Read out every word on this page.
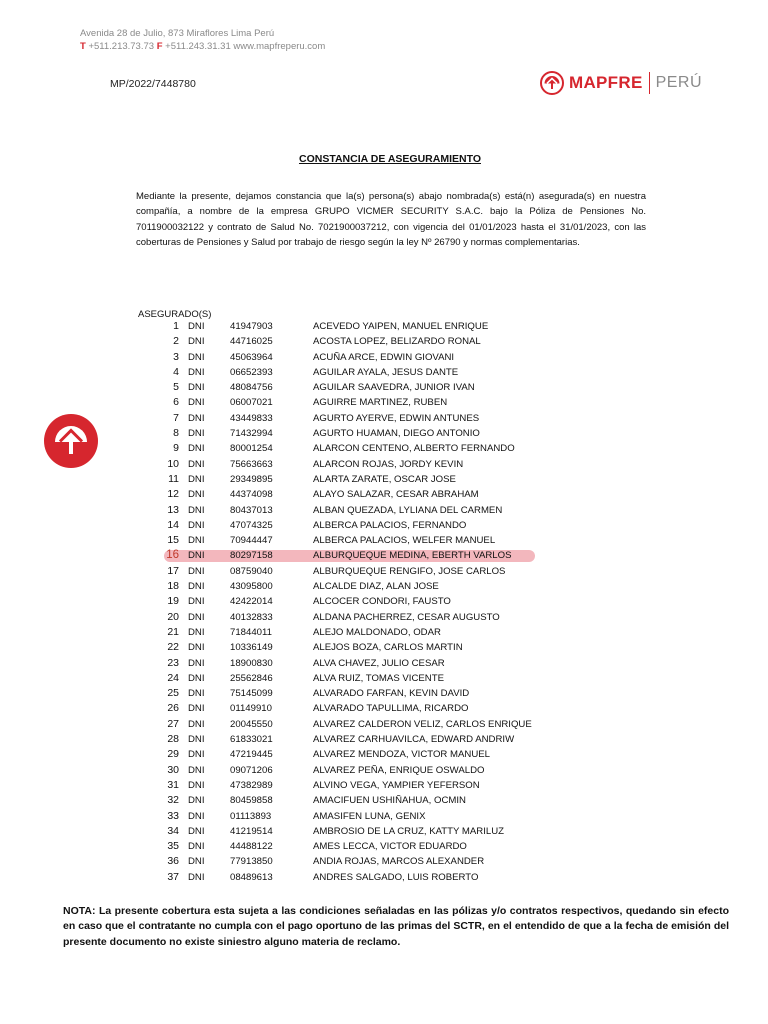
Avenida 28 de Julio, 873 Miraflores Lima Perú
T +511.213.73.73 F +511.243.31.31 www.mapfreperu.com
MP/2022/7448780	MAPFRE PERÚ
CONSTANCIA DE ASEGURAMIENTO
Mediante la presente, dejamos constancia que la(s) persona(s) abajo nombrada(s) está(n) asegurada(s) en nuestra compañía, a nombre de la empresa GRUPO VICMER SECURITY S.A.C. bajo la Póliza de Pensiones No. 7011900032122 y contrato de Salud No. 7021900037212, con vigencia del 01/01/2023 hasta el 31/01/2023, con las coberturas de Pensiones y Salud por trabajo de riesgo según la ley Nº 26790 y normas complementarias.
ASEGURADO(S)
1 DNI	41947903	ACEVEDO YAIPEN, MANUEL ENRIQUE
2 DNI	44716025	ACOSTA LOPEZ, BELIZARDO RONAL
3 DNI	45063964	ACUÑA ARCE, EDWIN GIOVANI
4 DNI	06652393	AGUILAR AYALA, JESUS DANTE
5 DNI	48084756	AGUILAR SAAVEDRA, JUNIOR IVAN
6 DNI	06007021	AGUIRRE MARTINEZ, RUBEN
7 DNI	43449833	AGURTO AYERVE, EDWIN ANTUNES
8 DNI	71432994	AGURTO HUAMAN, DIEGO ANTONIO
9 DNI	80001254	ALARCON CENTENO, ALBERTO FERNANDO
10 DNI	75663663	ALARCON ROJAS, JORDY KEVIN
11 DNI	29349895	ALARTA ZARATE, OSCAR JOSE
12 DNI	44374098	ALAYO SALAZAR, CESAR ABRAHAM
13 DNI	80437013	ALBAN QUEZADA, LYLIANA DEL CARMEN
14 DNI	47074325	ALBERCA PALACIOS, FERNANDO
15 DNI	70944447	ALBERCA PALACIOS, WELFER MANUEL
16 DNI	80297158	ALBURQUEQUE MEDINA, EBERTH VARLOS
17 DNI	08759040	ALBURQUEQUE RENGIFO, JOSE CARLOS
18 DNI	43095800	ALCALDE DIAZ, ALAN JOSE
19 DNI	42422014	ALCOCER CONDORI, FAUSTO
20 DNI	40132833	ALDANA PACHERREZ, CESAR AUGUSTO
21 DNI	71844011	ALEJO MALDONADO, ODAR
22 DNI	10336149	ALEJOS BOZA, CARLOS MARTIN
23 DNI	18900830	ALVA CHAVEZ, JULIO CESAR
24 DNI	25562846	ALVA RUIZ, TOMAS VICENTE
25 DNI	75145099	ALVARADO FARFAN, KEVIN DAVID
26 DNI	01149910	ALVARADO TAPULLIMA, RICARDO
27 DNI	20045550	ALVAREZ CALDERON VELIZ, CARLOS ENRIQUE
28 DNI	61833021	ALVAREZ CARHUAVILCA, EDWARD ANDRIW
29 DNI	47219445	ALVAREZ MENDOZA, VICTOR MANUEL
30 DNI	09071206	ALVAREZ PEÑA, ENRIQUE OSWALDO
31 DNI	47382989	ALVINO VEGA, YAMPIER YEFERSON
32 DNI	80459858	AMACIFUEN USHIÑAHUA, OCMIN
33 DNI	01113893	AMASIFEN LUNA, GENIX
34 DNI	41219514	AMBROSIO DE LA CRUZ, KATTY MARILUZ
35 DNI	44488122	AMES LECCA, VICTOR EDUARDO
36 DNI	77913850	ANDIA ROJAS, MARCOS ALEXANDER
37 DNI	08489613	ANDRES SALGADO, LUIS ROBERTO
NOTA: La presente cobertura esta sujeta a las condiciones señaladas en las pólizas y/o contratos respectivos, quedando sin efecto en caso que el contratante no cumpla con el pago oportuno de las primas del SCTR, en el entendido de que a la fecha de emisión del presente documento no existe siniestro alguno materia de reclamo.
